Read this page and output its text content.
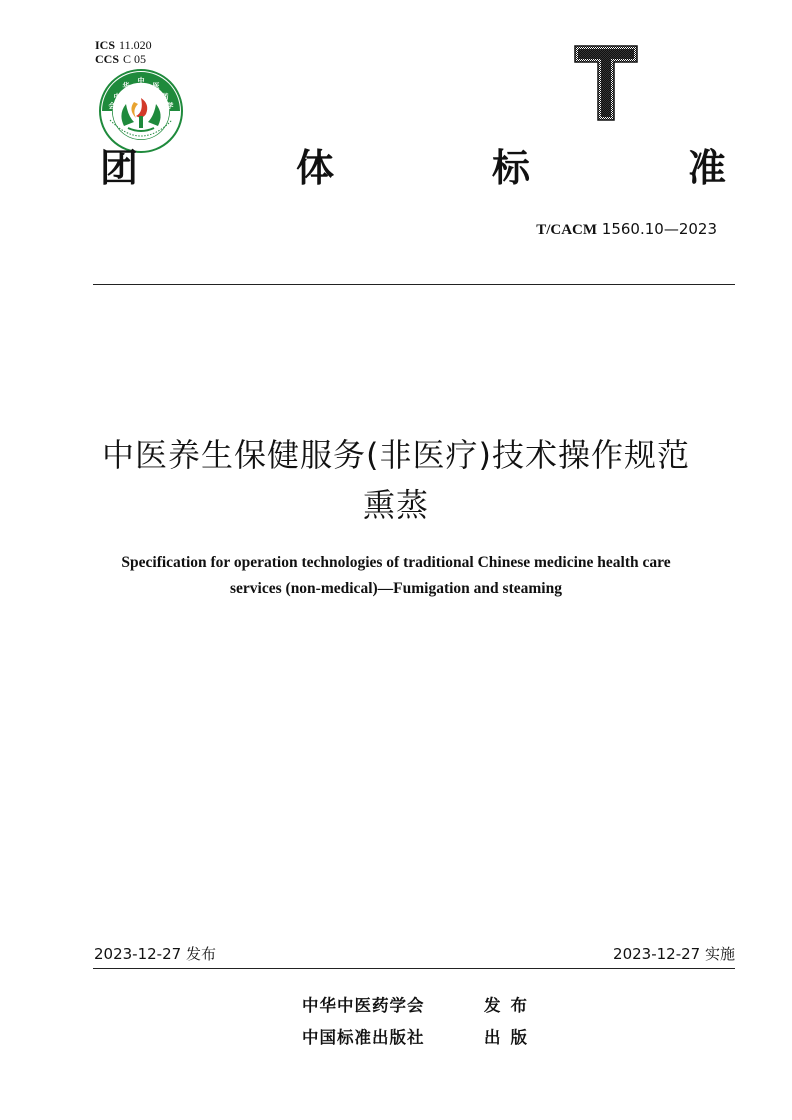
ICS 11.020
CCS C 05
中
华
中
医
药
学
会
团	体	标	准
T/CACM 1560.10—2023
中医养生保健服务(非医疗)技术操作规范
熏蒸
Specification for operation technologies of traditional Chinese medicine health care
services (non-medical)—Fumigation and steaming
2023-12-27 发布	2023-12-27 实施
中华中医药学会	发布
中国标准出版社	出版
